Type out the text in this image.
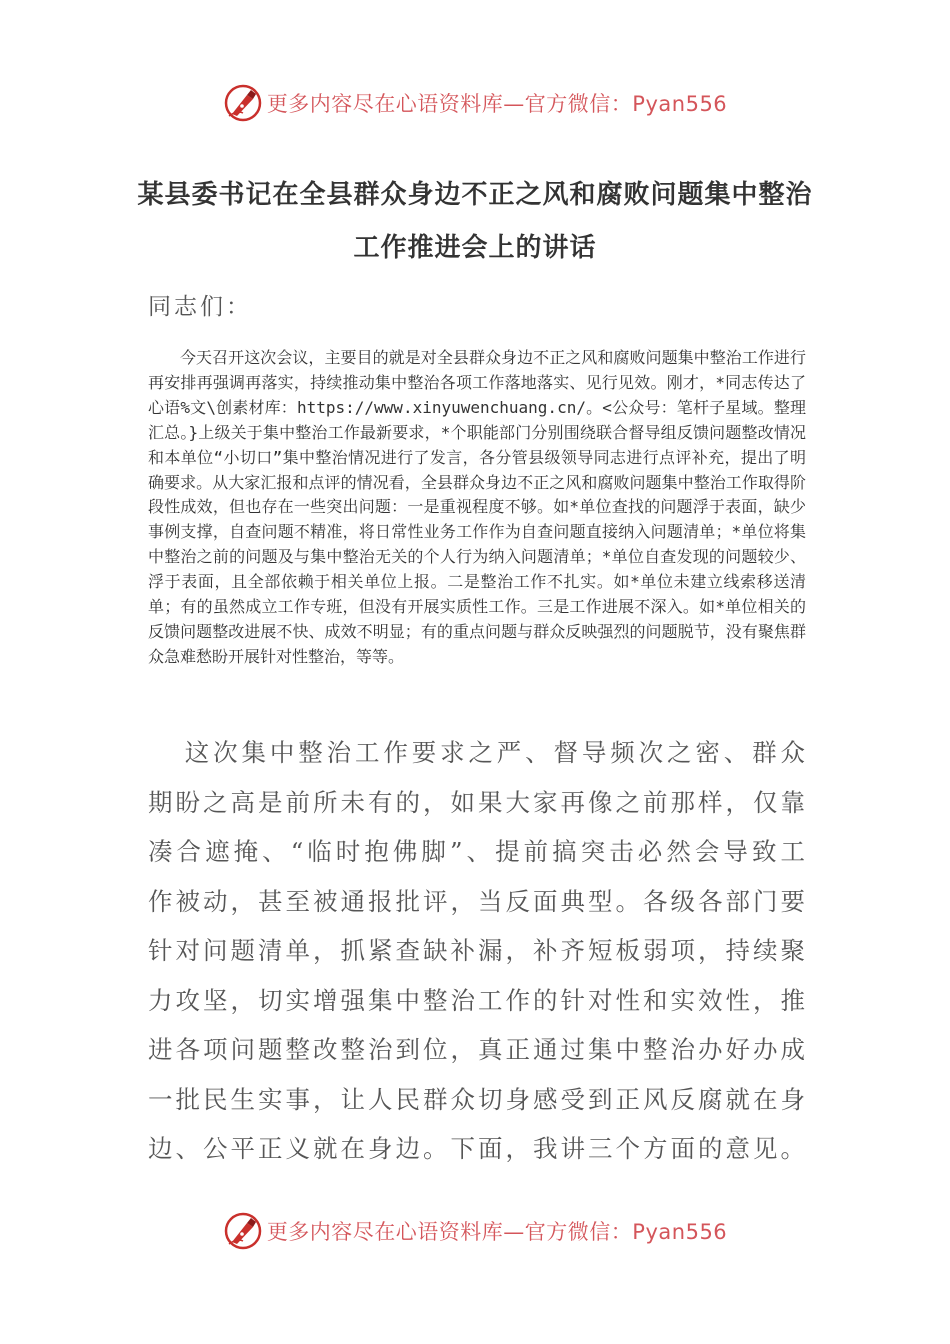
更多内容尽在心语资料库—官方微信：Pyan556
某县委书记在全县群众身边不正之风和腐败问题集中整治
工作推进会上的讲话
同志们：
今天召开这次会议，主要目的就是对全县群众身边不正之风和腐败问题集中整治工作进行再安排再强调再落实，持续推动集中整治各项工作落地落实、见行见效。刚才，*同志传达了心语%文\创素材库：https://www.xinyuwenchuang.cn/。<公众号：笔杆子星域。整理汇总。}上级关于集中整治工作最新要求，*个职能部门分别围绕联合督导组反馈问题整改情况和本单位“小切口”集中整治情况进行了发言，各分管县级领导同志进行点评补充，提出了明确要求。从大家汇报和点评的情况看，全县群众身边不正之风和腐败问题集中整治工作取得阶段性成效，但也存在一些突出问题：一是重视程度不够。如*单位查找的问题浮于表面，缺少事例支撑，自查问题不精准，将日常性业务工作作为自查问题直接纳入问题清单；*单位将集中整治之前的问题及与集中整治无关的个人行为纳入问题清单；*单位自查发现的问题较少、浮于表面，且全部依赖于相关单位上报。二是整治工作不扎实。如*单位未建立线索移送清单；有的虽然成立工作专班，但没有开展实质性工作。三是工作进展不深入。如*单位相关的反馈问题整改进展不快、成效不明显；有的重点问题与群众反映强烈的问题脱节，没有聚焦群众急难愁盼开展针对性整治，等等。
这次集中整治工作要求之严、督导频次之密、群众期盼之高是前所未有的，如果大家再像之前那样，仅靠凑合遮掩、“临时抱佛脚”、提前搞突击必然会导致工作被动，甚至被通报批评，当反面典型。各级各部门要针对问题清单，抓紧查缺补漏，补齐短板弱项，持续聚力攻坚，切实增强集中整治工作的针对性和实效性，推进各项问题整改整治到位，真正通过集中整治办好办成一批民生实事，让人民群众切身感受到正风反腐就在身边、公平正义就在身边。下面，我讲三个方面的意见。
更多内容尽在心语资料库—官方微信：Pyan556
